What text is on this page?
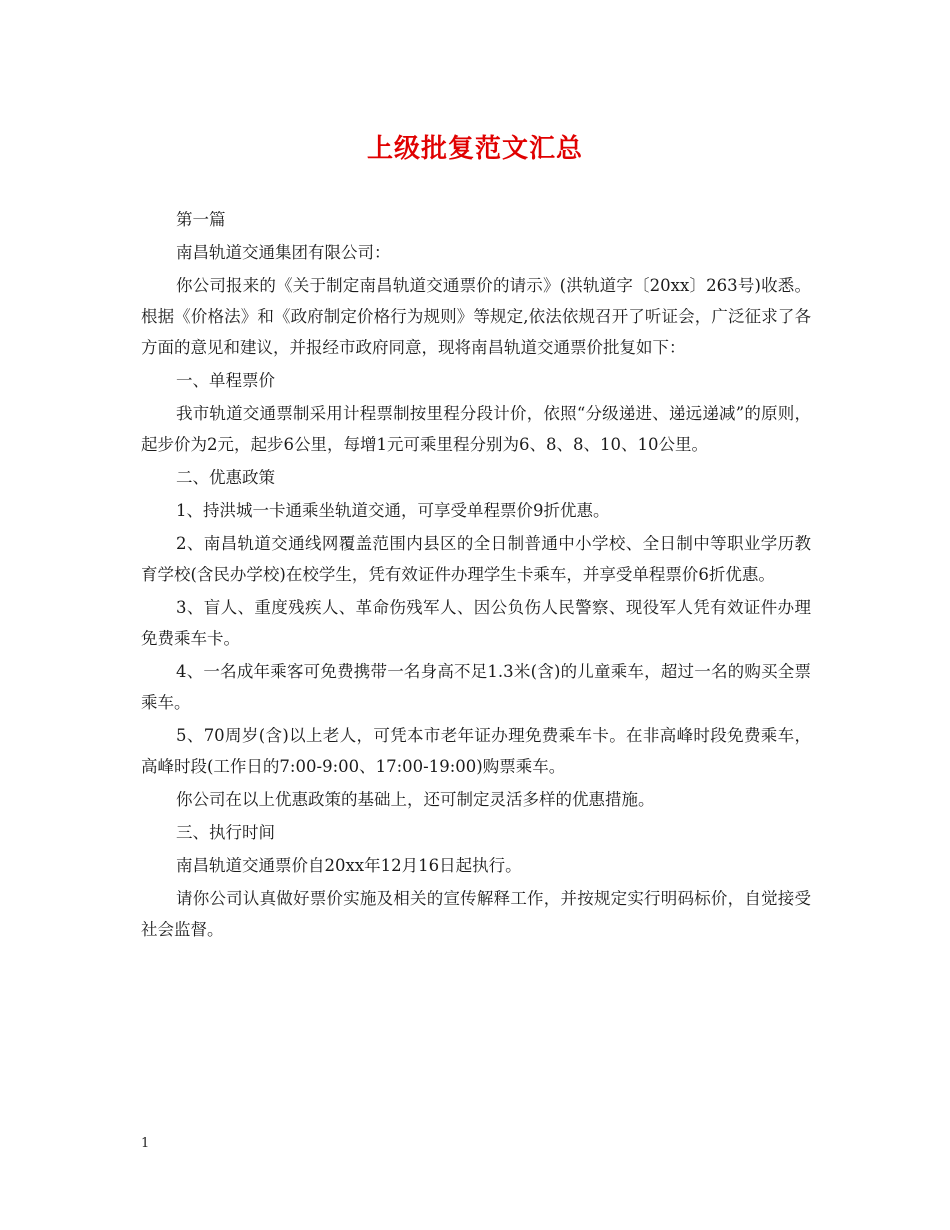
上级批复范文汇总

第一篇

南昌轨道交通集团有限公司：

你公司报来的《关于制定南昌轨道交通票价的请示》(洪轨道字〔20xx〕263号)收悉。根据《价格法》和《政府制定价格行为规则》等规定,依法依规召开了听证会，广泛征求了各方面的意见和建议，并报经市政府同意，现将南昌轨道交通票价批复如下：

一、单程票价

我市轨道交通票制采用计程票制按里程分段计价，依照“分级递进、递远递减”的原则，起步价为2元，起步6公里，每增1元可乘里程分别为6、8、8、10、10公里。

二、优惠政策

1、持洪城一卡通乘坐轨道交通，可享受单程票价9折优惠。

2、南昌轨道交通线网覆盖范围内县区的全日制普通中小学校、全日制中等职业学历教育学校(含民办学校)在校学生，凭有效证件办理学生卡乘车，并享受单程票价6折优惠。

3、盲人、重度残疾人、革命伤残军人、因公负伤人民警察、现役军人凭有效证件办理免费乘车卡。

4、一名成年乘客可免费携带一名身高不足1.3米(含)的儿童乘车，超过一名的购买全票乘车。

5、70周岁(含)以上老人，可凭本市老年证办理免费乘车卡。在非高峰时段免费乘车，高峰时段(工作日的7:00-9:00、17:00-19:00)购票乘车。

你公司在以上优惠政策的基础上，还可制定灵活多样的优惠措施。

三、执行时间

南昌轨道交通票价自20xx年12月16日起执行。

请你公司认真做好票价实施及相关的宣传解释工作，并按规定实行明码标价，自觉接受社会监督。

1
